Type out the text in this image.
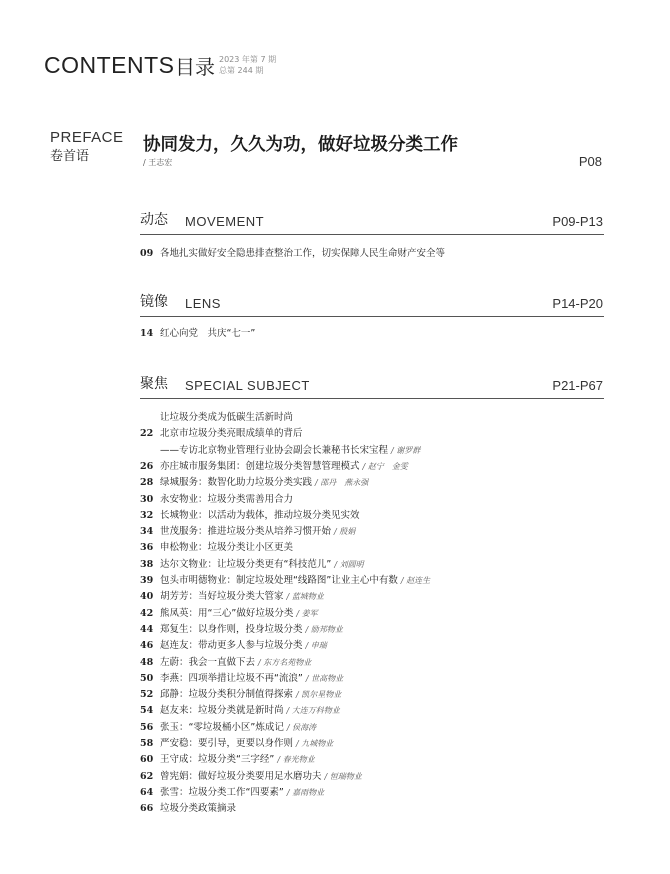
CONTENTS 目录 2023 年第 7 期
总第 244 期
PREFACE
卷首语
协同发力，久久为功，做好垃圾分类工作
/ 王志宏	P08
动态 MOVEMENT	P09-P13
09 各地扎实做好安全隐患排查整治工作，切实保障人民生命财产安全等
镜像 LENS	P14-P20
14 红心向党　共庆“七一”
聚焦 SPECIAL SUBJECT	P21-P67
让垃圾分类成为低碳生活新时尚
22 北京市垃圾分类亮眼成绩单的背后
——专访北京物业管理行业协会副会长兼秘书长宋宝程 / 谢罗群
26 亦庄城市服务集团：创建垃圾分类智慧管理模式 / 赵宁　金雯
28 绿城服务：数智化助力垃圾分类实践 / 邵丹　燕永强
30 永安物业：垃圾分类需善用合力
32 长城物业：以活动为载体，推动垃圾分类见实效
34 世茂服务：推进垃圾分类从培养习惯开始 / 殷娟
36 申松物业：垃圾分类让小区更美
38 达尔文物业：让垃圾分类更有“科技范儿” / 刘圆明
39 包头市明德物业：制定垃圾处理“线路图”让业主心中有数 / 赵连生
40 胡芳芳：当好垃圾分类大管家 / 蓝城物业
42 熊凤英：用“三心”做好垃圾分类 / 姜军
44 郑复生：以身作则，投身垃圾分类 / 励邦物业
46 赵连友：带动更多人参与垃圾分类 / 申瑞
48 左蔚：我会一直做下去 / 东方名苑物业
50 李燕：四项举措让垃圾不再“流浪” / 世高物业
52 邱静：垃圾分类积分制值得探索 / 凯尔星物业
54 赵友来：垃圾分类就是新时尚 / 大连万科物业
56 张玉：“零垃圾桶小区”炼成记 / 侯海涛
58 严安稳：要引导，更要以身作则 / 九城物业
60 王守成：垃圾分类“三字经” / 春光物业
62 曾宪娟：做好垃圾分类要用足水磨功夫 / 恒瑞物业
64 张雪：垃圾分类工作“四要素” / 嘉雨物业
66 垃圾分类政策摘录
